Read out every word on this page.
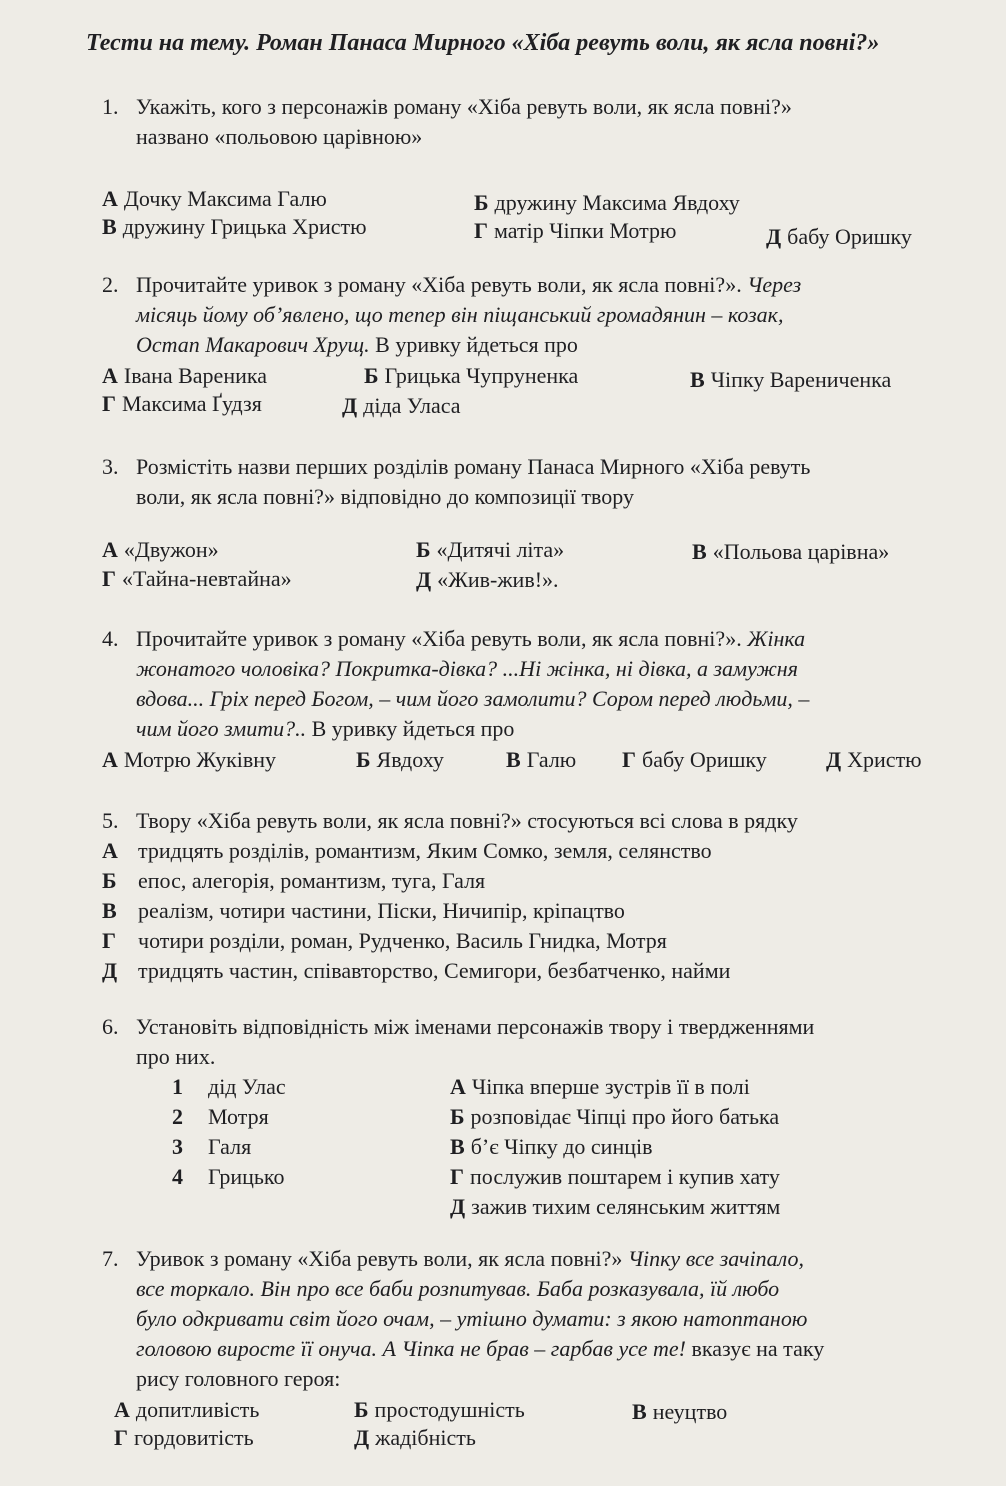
Тести на тему. Роман Панаса Мирного «Хіба ревуть воли, як ясла повні?»
1. Укажіть, кого з персонажів роману «Хіба ревуть воли, як ясла повні?»
названо «польовою царівною»
А Дочку Максима Галю	Б дружину Максима Явдоху
В дружину Грицька Христю	Г матір Чіпки Мотрю	Д бабу Оришку
2. Прочитайте уривок з роману «Хіба ревуть воли, як ясла повні?». Через
місяць йому об’явлено, що тепер він піщанський громадянин – козак,
Остап Макарович Хрущ. В уривку йдеться про
А Івана Вареника	Б Грицька Чупруненка	В Чіпку Варениченка
Г Максима Ґудзя	Д діда Уласа
3. Розмістіть назви перших розділів роману Панаса Мирного «Хіба ревуть
воли, як ясла повні?» відповідно до композиції твору
А «Двужон»	Б «Дитячі літа»	В «Польова царівна»
Г «Тайна-невтайна»	Д «Жив-жив!».
4. Прочитайте уривок з роману «Хіба ревуть воли, як ясла повні?». Жінка
жонатого чоловіка? Покритка-дівка? ...Ні жінка, ні дівка, а замужня
вдова... Гріх перед Богом, – чим його замолити? Сором перед людьми, –
чим його змити?.. В уривку йдеться про
А Мотрю Жуківну	Б Явдоху	В Галю Г бабу Оришку	Д Христю
5. Твору «Хіба ревуть воли, як ясла повні?» стосуються всі слова в рядку
А тридцять розділів, романтизм, Яким Сомко, земля, селянство
Б епос, алегорія, романтизм, туга, Галя
В реалізм, чотири частини, Піски, Ничипір, кріпацтво
Г чотири розділи, роман, Рудченко, Василь Гнидка, Мотря
Д тридцять частин, співавторство, Семигори, безбатченко, найми
6. Установіть відповідність між іменами персонажів твору і твердженнями
про них.
1 дід Улас
2 Мотря
3 Галя
4 Грицько
А Чіпка вперше зустрів її в полі
Б розповідає Чіпці про його батька
В б’є Чіпку до синців
Г послужив поштарем і купив хату
Д зажив тихим селянським життям
7. Уривок з роману «Хіба ревуть воли, як ясла повні?» Чіпку все зачіпало,
все торкало. Він про все баби розпитував. Баба розказувала, їй любо
було одкривати світ його очам, – утішно думати: з якою натоптаною
головою виросте її онуча. А Чіпка не брав – гарбав усе те! вказує на таку
рису головного героя:
А допитливість	Б простодушність	В неуцтво
Г гордовитість	Д жадібність
